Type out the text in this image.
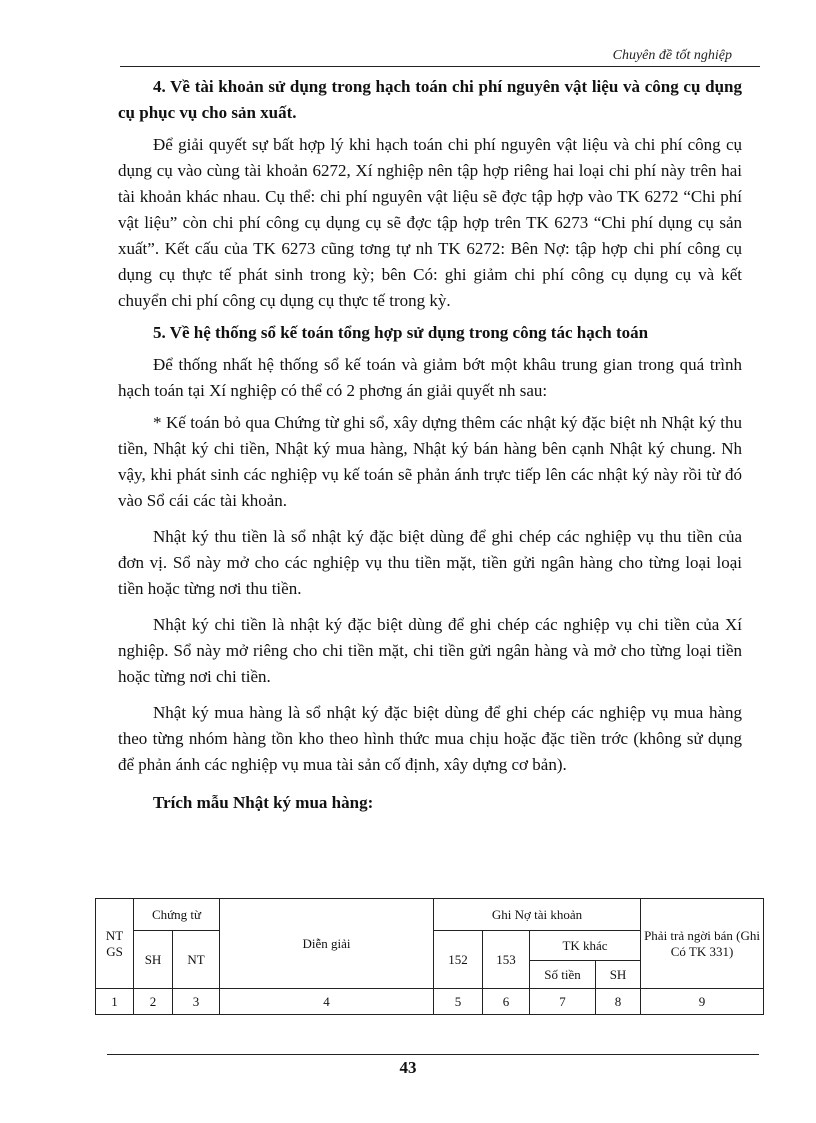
Chuyên đề tốt nghiệp

4. Về tài khoản sử dụng trong hạch toán chi phí nguyên vật liệu và công cụ dụng cụ phục vụ cho sản xuất.

Để giải quyết sự bất hợp lý khi hạch toán chi phí nguyên vật liệu và chi phí công cụ dụng cụ vào cùng tài khoản 6272, Xí nghiệp nên tập hợp riêng hai loại chi phí này trên hai tài khoản khác nhau. Cụ thể: chi phí nguyên vật liệu sẽ đợc tập hợp vào TK 6272 “Chi phí vật liệu” còn chi phí công cụ dụng cụ sẽ đợc tập hợp trên TK 6273 “Chi phí dụng cụ sản xuất”. Kết cấu của TK 6273 cũng tơng tự nh TK 6272: Bên Nợ: tập hợp chi phí công cụ dụng cụ thực tế phát sinh trong kỳ; bên Có: ghi giảm chi phí công cụ dụng cụ và kết chuyển chi phí công cụ dụng cụ thực tế trong kỳ.

5. Về hệ thống sổ kế toán tổng hợp sử dụng trong công tác hạch toán

Để thống nhất hệ thống sổ kế toán và giảm bớt một khâu trung gian trong quá trình hạch toán tại Xí nghiệp có thể có 2 phơng án giải quyết nh sau:

* Kế toán bỏ qua Chứng từ ghi sổ, xây dựng thêm các nhật ký đặc biệt nh Nhật ký thu tiền, Nhật ký chi tiền, Nhật ký mua hàng, Nhật ký bán hàng bên cạnh Nhật ký chung. Nh vậy, khi phát sinh các nghiệp vụ kế toán sẽ phản ánh trực tiếp lên các nhật ký này rồi từ đó vào Sổ cái các tài khoản.

Nhật ký thu tiền là sổ nhật ký đặc biệt dùng để ghi chép các nghiệp vụ thu tiền của đơn vị. Sổ này mở cho các nghiệp vụ thu tiền mặt, tiền gửi ngân hàng cho từng loại loại tiền hoặc từng nơi thu tiền.

Nhật ký chi tiền là nhật ký đặc biệt dùng để ghi chép các nghiệp vụ chi tiền của Xí nghiệp. Sổ này mở riêng cho chi tiền mặt, chi tiền gửi ngân hàng và mở cho từng loại tiền hoặc từng nơi chi tiền.

Nhật ký mua hàng là sổ nhật ký đặc biệt dùng để ghi chép các nghiệp vụ mua hàng theo từng nhóm hàng tồn kho theo hình thức mua chịu hoặc đặc tiền trớc (không sử dụng để phản ánh các nghiệp vụ mua tài sản cố định, xây dựng cơ bản).

Trích mẫu Nhật ký mua hàng:

NT GS	Chứng từ		Diễn giải	Ghi Nợ tài khoản				Phải trả ngời bán (Ghi Có TK 331)
	SH	NT		152	153	TK khác		
						Số tiền	SH	
1	2	3	4	5	6	7	8	9
43
